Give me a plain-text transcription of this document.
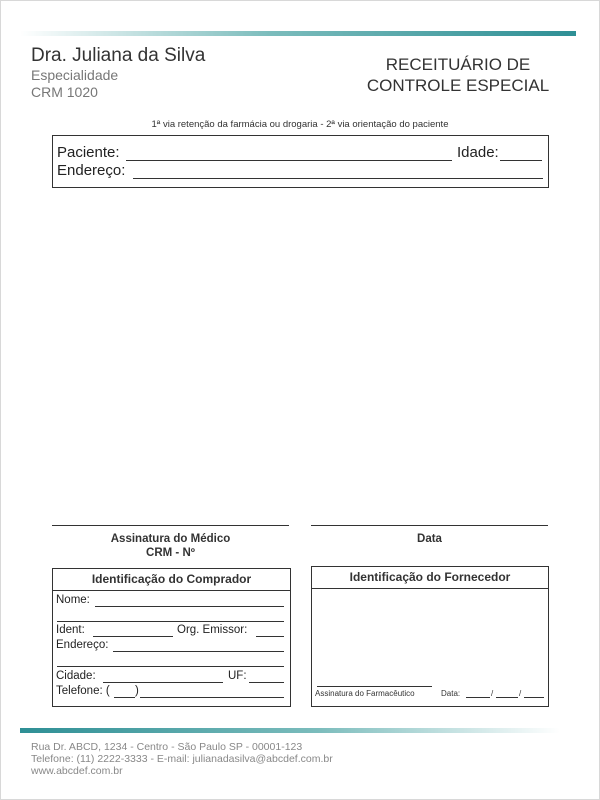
Dra. Juliana da Silva
Especialidade
CRM 1020
RECEITUÁRIO DE
CONTROLE ESPECIAL
1ª via retenção da farmácia ou drogaria - 2ª via orientação do paciente
Paciente:	Idade:
Endereço:
Assinatura do Médico
CRM - Nº
Data
Identificação do Comprador
Nome:
Ident:	Org. Emissor:
Endereço:
Cidade:	UF:
Telefone: ( )
Identificação do Fornecedor
Assinatura do Farmacêutico	Data:	/	/
Rua Dr. ABCD, 1234 - Centro - São Paulo SP - 00001-123
Telefone: (11) 2222-3333 - E-mail: julianadasilva@abcdef.com.br
www.abcdef.com.br
